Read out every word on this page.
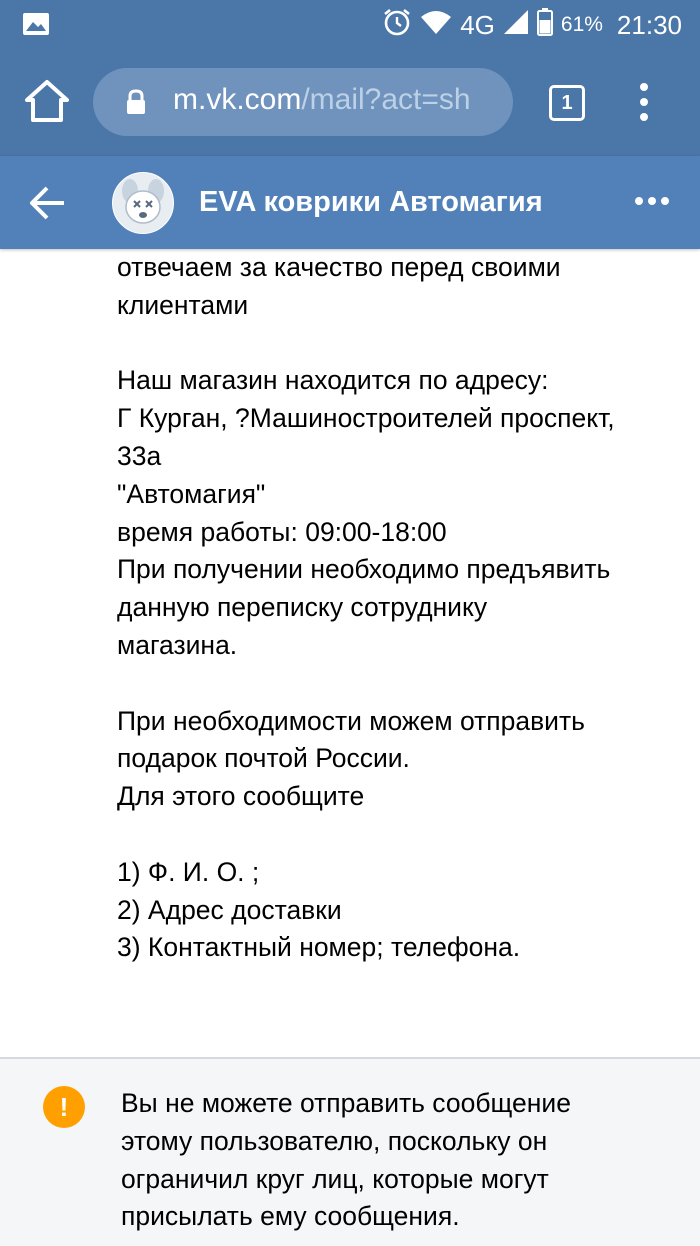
4G	61% 21:30
m.vk.com/mail?act=sh	1
EVA коврики Автомагия
отвечаем за качество перед своими
клиентами
Наш магазин находится по адресу:
Г Курган, ?Машиностроителей проспект,
33а
"Автомагия"
время работы: 09:00-18:00
При получении необходимо предъявить
данную переписку сотруднику
магазина.
При необходимости можем отправить
подарок почтой России.
Для этого сообщите
1) Ф. И. О. ;
2) Адрес доставки
3) Контактный номер; телефона.
!	Вы не можете отправить сообщение
этому пользователю, поскольку он
ограничил круг лиц, которые могут
присылать ему сообщения.
